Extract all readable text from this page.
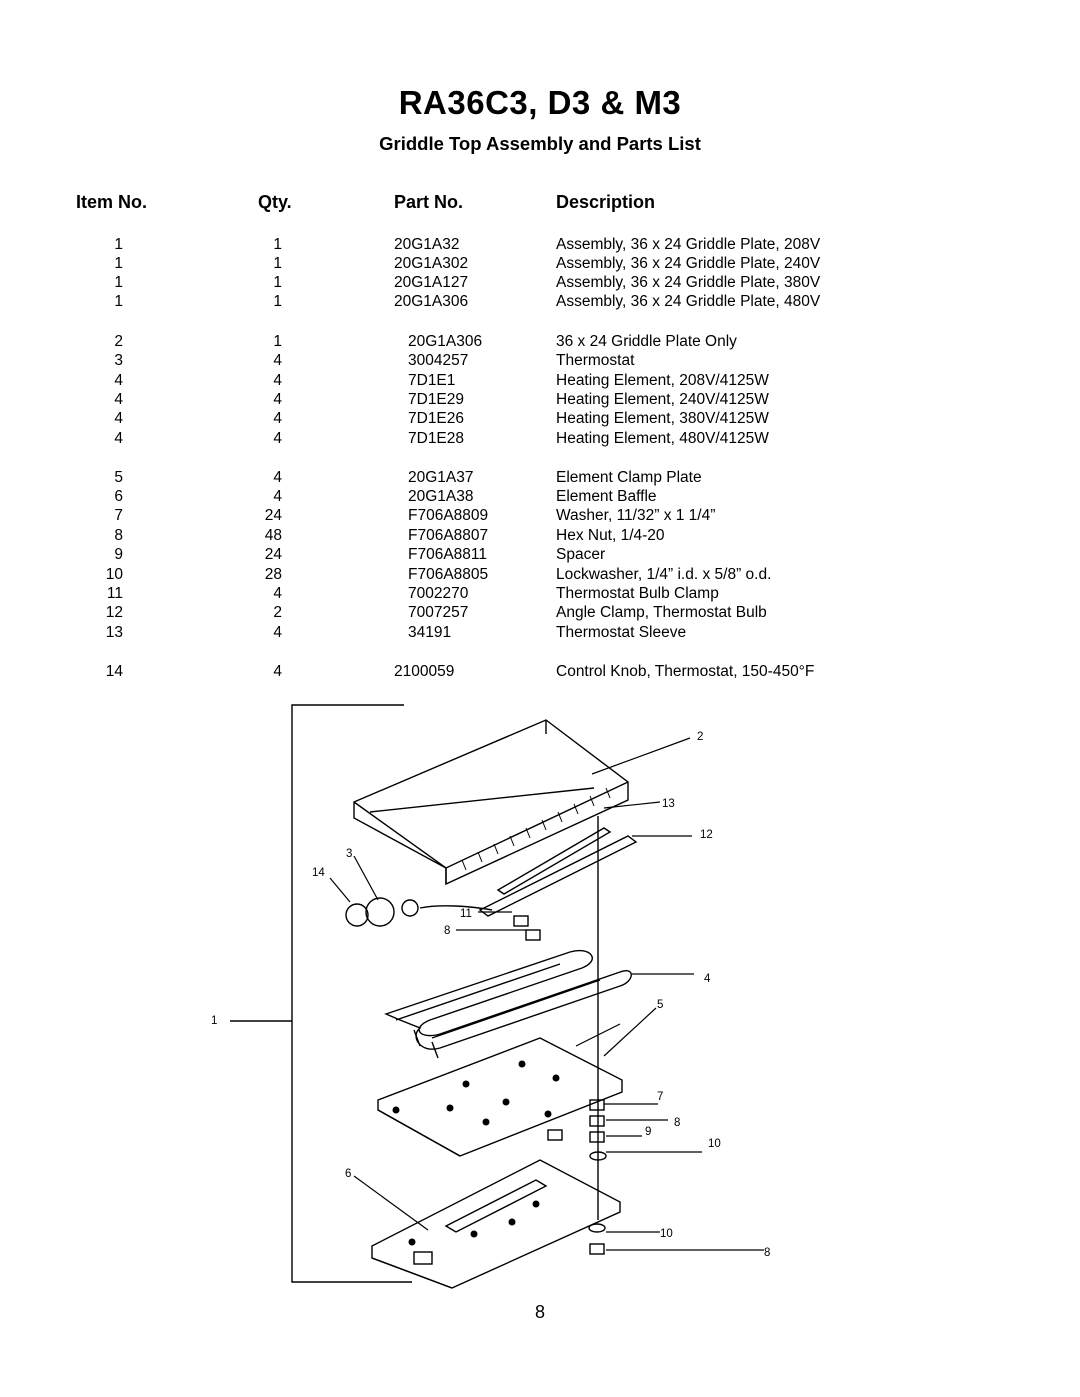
RA36C3, D3 & M3
Griddle Top Assembly and Parts List
Item No.	Qty.	Part No.	Description
1	1	20G1A32	Assembly, 36 x 24 Griddle Plate, 208V
1	1	20G1A302	Assembly, 36 x 24 Griddle Plate, 240V
1	1	20G1A127	Assembly, 36 x 24 Griddle Plate, 380V
1	1	20G1A306	Assembly, 36 x 24 Griddle Plate, 480V
2	1	20G1A306	36 x 24 Griddle Plate Only
3	4	3004257	Thermostat
4	4	7D1E1	Heating Element, 208V/4125W
4	4	7D1E29	Heating Element, 240V/4125W
4	4	7D1E26	Heating Element, 380V/4125W
4	4	7D1E28	Heating Element, 480V/4125W
5	4	20G1A37	Element Clamp Plate
6	4	20G1A38	Element Baffle
7	24	F706A8809	Washer, 11/32” x 1 1/4”
8	48	F706A8807	Hex Nut, 1/4-20
9	24	F706A8811	Spacer
10	28	F706A8805	Lockwasher, 1/4” i.d. x 5/8” o.d.
11	4	7002270	Thermostat Bulb Clamp
12	2	7007257	Angle Clamp, Thermostat Bulb
13	4	34191	Thermostat Sleeve
14	4	2100059	Control Knob, Thermostat, 150-450°F
2
13
12
3
14
11
8
4
5
1
7
8
9
10
6
10
8
8
